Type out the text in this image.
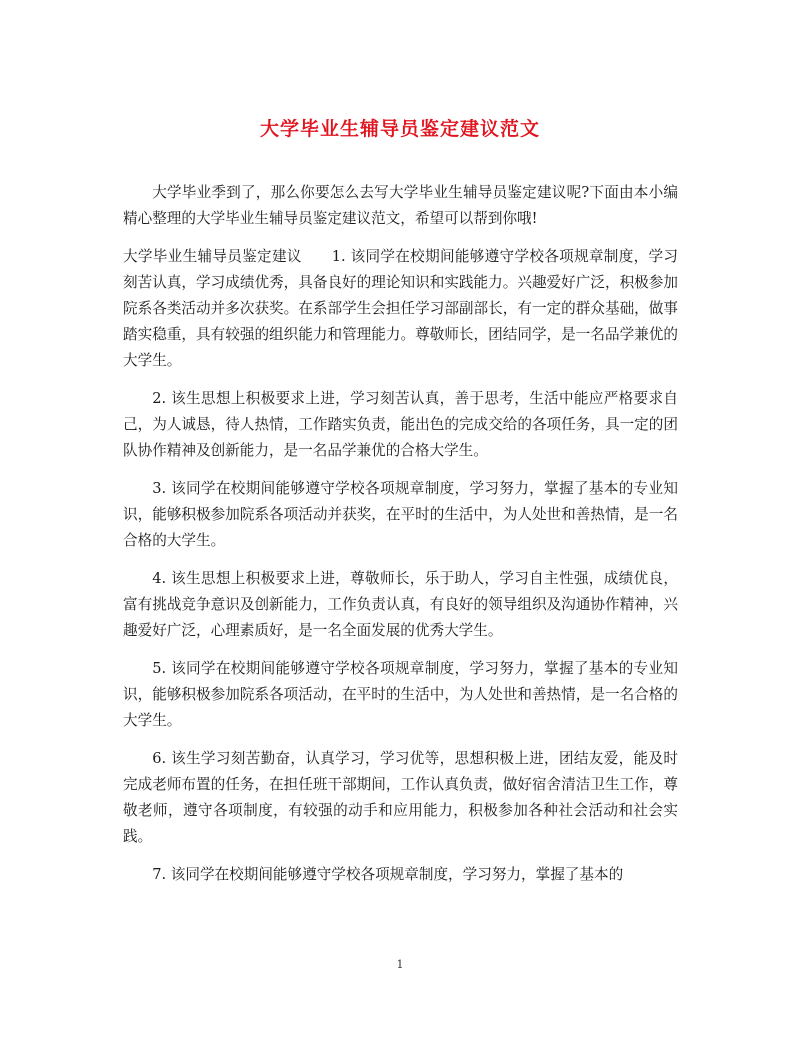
大学毕业生辅导员鉴定建议范文

大学毕业季到了，那么你要怎么去写大学毕业生辅导员鉴定建议呢?下面由本小编精心整理的大学毕业生辅导员鉴定建议范文，希望可以帮到你哦!

大学毕业生辅导员鉴定建议 1. 该同学在校期间能够遵守学校各项规章制度，学习刻苦认真，学习成绩优秀，具备良好的理论知识和实践能力。兴趣爱好广泛，积极参加院系各类活动并多次获奖。在系部学生会担任学习部副部长，有一定的群众基础，做事踏实稳重，具有较强的组织能力和管理能力。尊敬师长，团结同学，是一名品学兼优的大学生。

2. 该生思想上积极要求上进，学习刻苦认真，善于思考，生活中能应严格要求自己，为人诚恳，待人热情，工作踏实负责，能出色的完成交给的各项任务，具一定的团队协作精神及创新能力，是一名品学兼优的合格大学生。

3. 该同学在校期间能够遵守学校各项规章制度，学习努力，掌握了基本的专业知识，能够积极参加院系各项活动并获奖，在平时的生活中，为人处世和善热情，是一名合格的大学生。

4. 该生思想上积极要求上进，尊敬师长，乐于助人，学习自主性强，成绩优良，富有挑战竞争意识及创新能力，工作负责认真，有良好的领导组织及沟通协作精神，兴趣爱好广泛，心理素质好，是一名全面发展的优秀大学生。

5. 该同学在校期间能够遵守学校各项规章制度，学习努力，掌握了基本的专业知识，能够积极参加院系各项活动，在平时的生活中，为人处世和善热情，是一名合格的大学生。

6. 该生学习刻苦勤奋，认真学习，学习优等，思想积极上进，团结友爱，能及时完成老师布置的任务，在担任班干部期间，工作认真负责，做好宿舍清洁卫生工作，尊敬老师，遵守各项制度，有较强的动手和应用能力，积极参加各种社会活动和社会实践。

7. 该同学在校期间能够遵守学校各项规章制度，学习努力，掌握了基本的

1
